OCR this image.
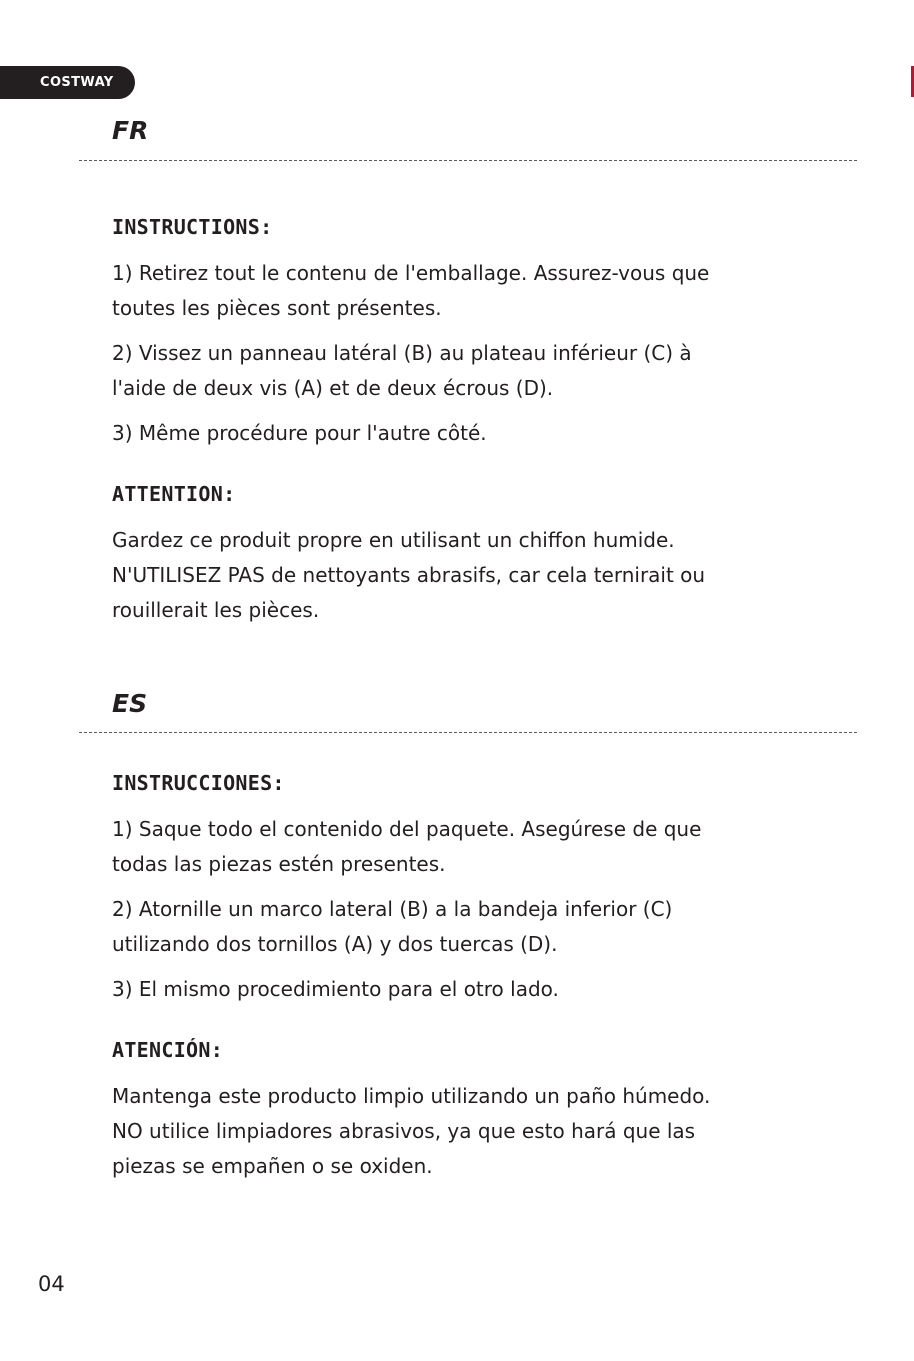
COSTWAY
FR
INSTRUCTIONS:

1) Retirez tout le contenu de l'emballage. Assurez-vous que
toutes les pièces sont présentes.

2) Vissez un panneau latéral (B) au plateau inférieur (C) à
l'aide de deux vis (A) et de deux écrous (D).

3) Même procédure pour l'autre côté.

ATTENTION:

Gardez ce produit propre en utilisant un chiffon humide.
N'UTILISEZ PAS de nettoyants abrasifs, car cela ternirait ou
rouillerait les pièces.

ES
INSTRUCCIONES:

1) Saque todo el contenido del paquete. Asegúrese de que
todas las piezas estén presentes.

2) Atornille un marco lateral (B) a la bandeja inferior (C)
utilizando dos tornillos (A) y dos tuercas (D).

3) El mismo procedimiento para el otro lado.

ATENCIÓN:

Mantenga este producto limpio utilizando un paño húmedo.
NO utilice limpiadores abrasivos, ya que esto hará que las
piezas se empañen o se oxiden.

04
